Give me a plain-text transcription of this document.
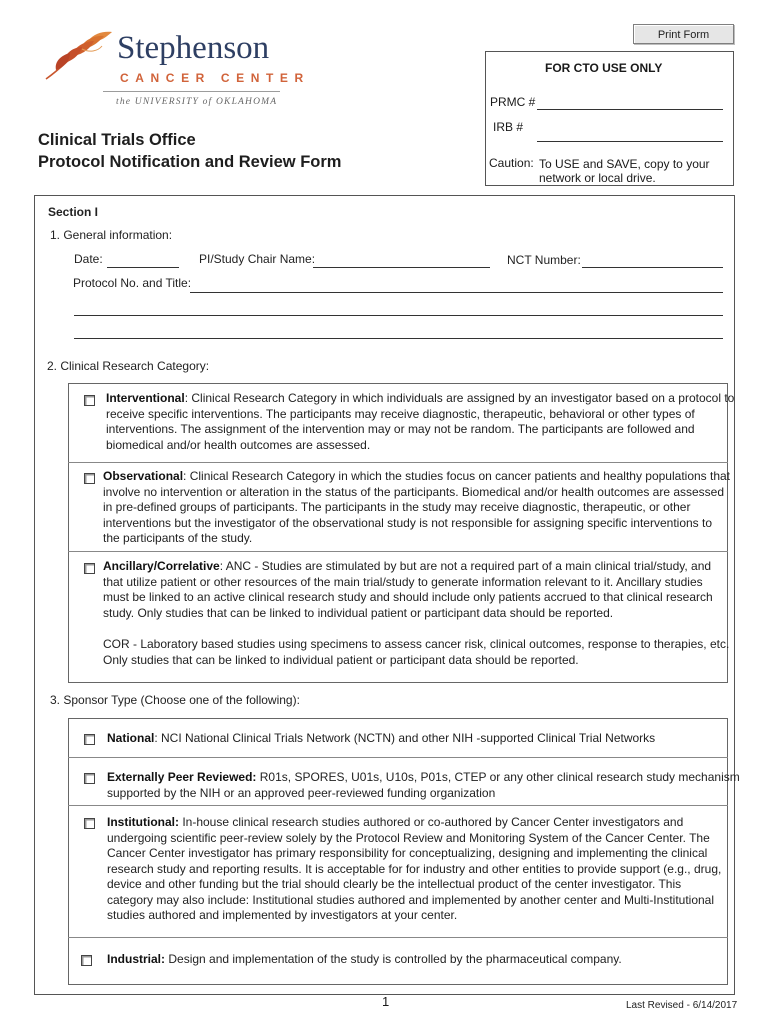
Print Form
Stephenson
CANCER CENTER
the UNIVERSITY of OKLAHOMA
Clinical Trials Office
Protocol Notification and Review Form
FOR CTO USE ONLY
PRMC #
IRB #
Caution: To USE and SAVE, copy to your
network or local drive.
Section I
1. General information:
Date:	PI/Study Chair Name:	NCT Number:
Protocol No. and Title:
2. Clinical Research Category:
Interventional: Clinical Research Category in which individuals are assigned by an investigator based on a protocol to
receive specific interventions. The participants may receive diagnostic, therapeutic, behavioral or other types of
interventions. The assignment of the intervention may or may not be random. The participants are followed and
biomedical and/or health outcomes are assessed.
Observational: Clinical Research Category in which the studies focus on cancer patients and healthy populations that
involve no intervention or alteration in the status of the participants. Biomedical and/or health outcomes are assessed
in pre-defined groups of participants. The participants in the study may receive diagnostic, therapeutic, or other
interventions but the investigator of the observational study is not responsible for assigning specific interventions to
the participants of the study.
Ancillary/Correlative: ANC - Studies are stimulated by but are not a required part of a main clinical trial/study, and
that utilize patient or other resources of the main trial/study to generate information relevant to it. Ancillary studies
must be linked to an active clinical research study and should include only patients accrued to that clinical research
study. Only studies that can be linked to individual patient or participant data should be reported.
COR - Laboratory based studies using specimens to assess cancer risk, clinical outcomes, response to therapies, etc.
Only studies that can be linked to individual patient or participant data should be reported.
3. Sponsor Type (Choose one of the following):
National: NCI National Clinical Trials Network (NCTN) and other NIH -supported Clinical Trial Networks
Externally Peer Reviewed: R01s, SPORES, U01s, U10s, P01s, CTEP or any other clinical research study mechanism
supported by the NIH or an approved peer-reviewed funding organization
Institutional: In-house clinical research studies authored or co-authored by Cancer Center investigators and
undergoing scientific peer-review solely by the Protocol Review and Monitoring System of the Cancer Center. The
Cancer Center investigator has primary responsibility for conceptualizing, designing and implementing the clinical
research study and reporting results. It is acceptable for for industry and other entities to provide support (e.g., drug,
device and other funding but the trial should clearly be the intellectual product of the center investigator. This
category may also include: Institutional studies authored and implemented by another center and Multi-Institutional
studies authored and implemented by investigators at your center.
Industrial: Design and implementation of the study is controlled by the pharmaceutical company.
1	Last Revised - 6/14/2017
